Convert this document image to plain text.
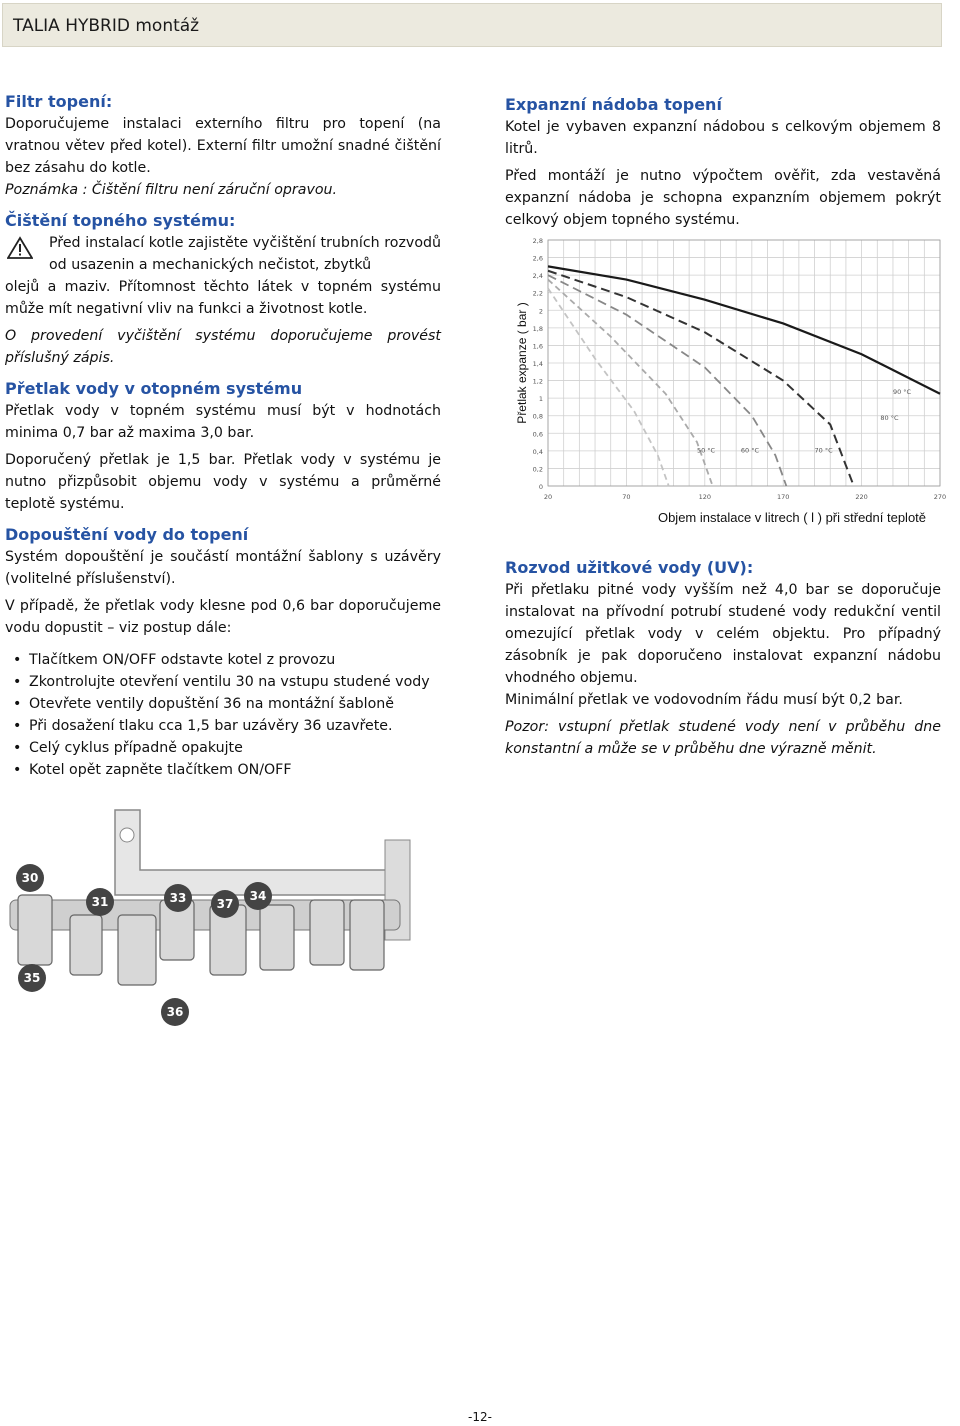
TALIA HYBRID montáž
Filtr topení:

Doporučujeme instalaci externího filtru pro topení (na vratnou větev před kotel). Externí filtr umožní snadné čištění bez zásahu do kotle.

Poznámka : Čištění filtru není záruční opravou.

Čištění topného systému:

Před instalací kotle zajistěte vyčištění trubních rozvodů od usazenin a mechanických nečistot, zbytků

olejů a maziv. Přítomnost těchto látek v topném systému může mít negativní vliv na funkci a životnost kotle.

O provedení vyčištění systému doporučujeme provést příslušný zápis.

Přetlak vody v otopném systému

Přetlak vody v topném systému musí být v hodnotách minima 0,7 bar až maxima 3,0 bar.

Doporučený přetlak je 1,5 bar. Přetlak vody v systému je nutno přizpůsobit objemu vody v systému a průměrné teplotě systému.

Dopouštění vody do topení

Systém dopouštění je součástí montážní šablony s uzávěry (volitelné příslušenství).

V případě, že přetlak vody klesne pod 0,6 bar doporučujeme vodu dopustit – viz postup dále:

• Tlačítkem ON/OFF odstavte kotel z provozu
• Zkontrolujte otevření ventilu 30 na vstupu studené vody
• Otevřete ventily dopuštění 36 na montážní šabloně
• Při dosažení tlaku cca 1,5 bar uzávěry 36 uzavřete.
• Celý cyklus případně opakujte
• Kotel opět zapněte tlačítkem ON/OFF
Expanzní nádoba topení

Kotel je vybaven expanzní nádobou s celkovým objemem 8 litrů.

Před montáží je nutno výpočtem ověřit, zda vestavěná expanzní nádoba je schopna expanzním objemem pokrýt celkový objem topného systému.

Rozvod užitkové vody (UV):

Při přetlaku pitné vody vyšším než 4,0 bar se doporučuje instalovat na přívodní potrubí studené vody redukční ventil omezující přetlak vody v celém objektu. Pro případný zásobník je pak doporučeno instalovat expanzní nádobu vhodného objemu.

Minimální přetlak ve vodovodním řádu musí být 0,2 bar.

Pozor: vstupní přetlak studené vody není v průběhu dne konstantní a může se v průběhu dne výrazně měnit.

0
0,2
0,4
0,6
0,8
1
1,2
1,4
1,6
1,8
2
2,2
2,4
2,6
2,8
20	70	120	170	220	270
90 °C
80 °C
70 °C
60 °C
50 °C
Přetlak expanze ( bar )
Objem instalace v litrech ( l ) při střední teplotě
30
31	33	37
34
35
36
-12-
